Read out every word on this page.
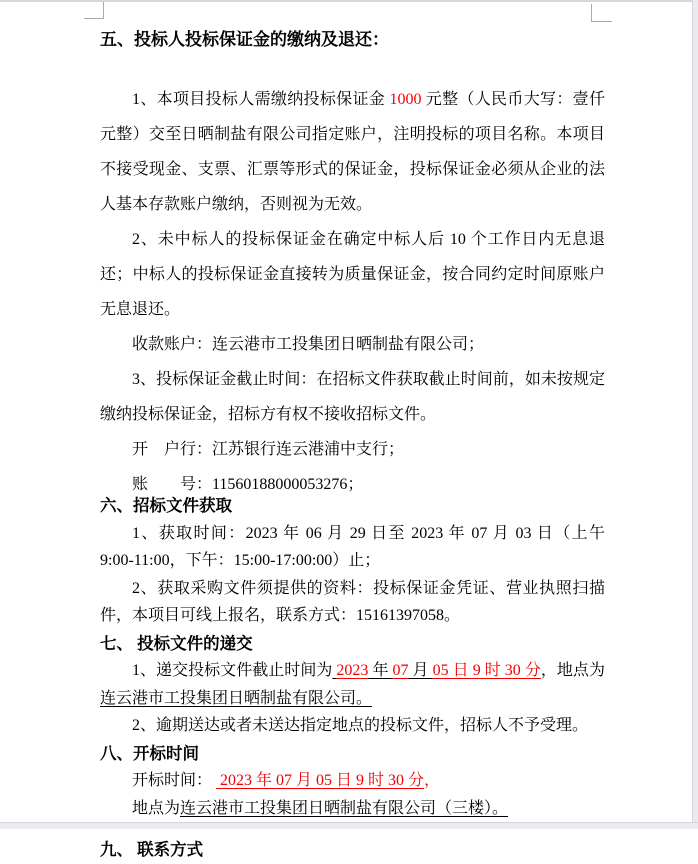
五、投标人投标保证金的缴纳及退还：

1、本项目投标人需缴纳投标保证金 1000 元整（人民币大写：壹仟元整）交至日晒制盐有限公司指定账户，注明投标的项目名称。本项目不接受现金、支票、汇票等形式的保证金，投标保证金必须从企业的法人基本存款账户缴纳，否则视为无效。

2、未中标人的投标保证金在确定中标人后 10 个工作日内无息退还；中标人的投标保证金直接转为质量保证金，按合同约定时间原账户无息退还。

收款账户：连云港市工投集团日晒制盐有限公司；

3、投标保证金截止时间：在招标文件获取截止时间前，如未按规定缴纳投标保证金，招标方有权不接收招标文件。

开　户行：江苏银行连云港浦中支行；

账　　号：11560188000053276；

六、招标文件获取

1、获取时间：2023 年 06 月 29 日至 2023 年 07 月 03 日（上午 9:00-11:00，下午：15:00-17:00:00）止；

2、获取采购文件须提供的资料：投标保证金凭证、营业执照扫描件，本项目可线上报名，联系方式：15161397058。

七、 投标文件的递交

1、递交投标文件截止时间为 2023 年 07 月 05 日 9 时 30 分，地点为连云港市工投集团日晒制盐有限公司。

2、逾期送达或者未送达指定地点的投标文件，招标人不予受理。

八、开标时间

开标时间：  2023 年 07 月 05 日 9 时 30 分，

地点为连云港市工投集团日晒制盐有限公司（三楼）。

九、 联系方式
